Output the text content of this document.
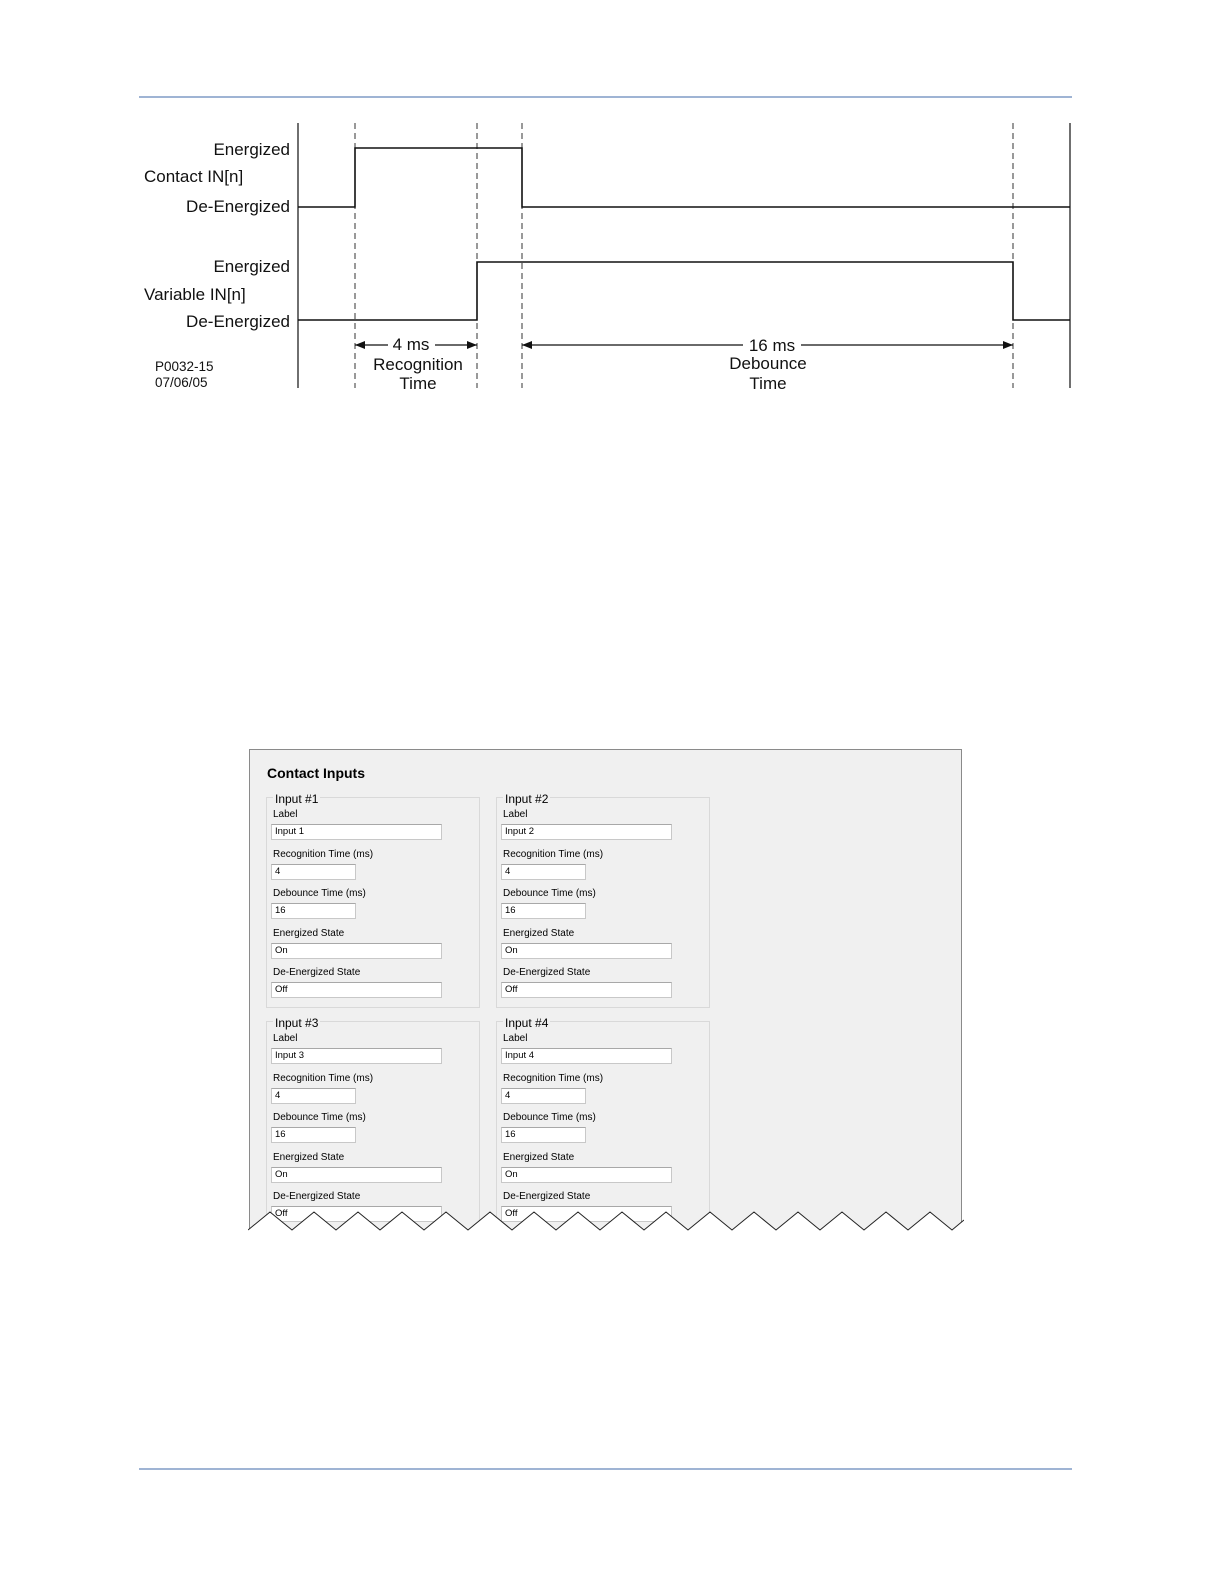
Energized
Contact IN[n]
De-Energized
Energized
Variable IN[n]
De-Energized
4 ms
Recognition
Time
16 ms
Debounce
Time
P0032-15
07/06/05
Contact Inputs
Input #1
Label
Input 1
Recognition Time (ms)
4
Debounce Time (ms)
16
Energized State
On
De-Energized State
Off
Input #2
Label
Input 2
Recognition Time (ms)
4
Debounce Time (ms)
16
Energized State
On
De-Energized State
Off
Input #3
Label
Input 3
Recognition Time (ms)
4
Debounce Time (ms)
16
Energized State
On
De-Energized State
Off
Input #4
Label
Input 4
Recognition Time (ms)
4
Debounce Time (ms)
16
Energized State
On
De-Energized State
Off
